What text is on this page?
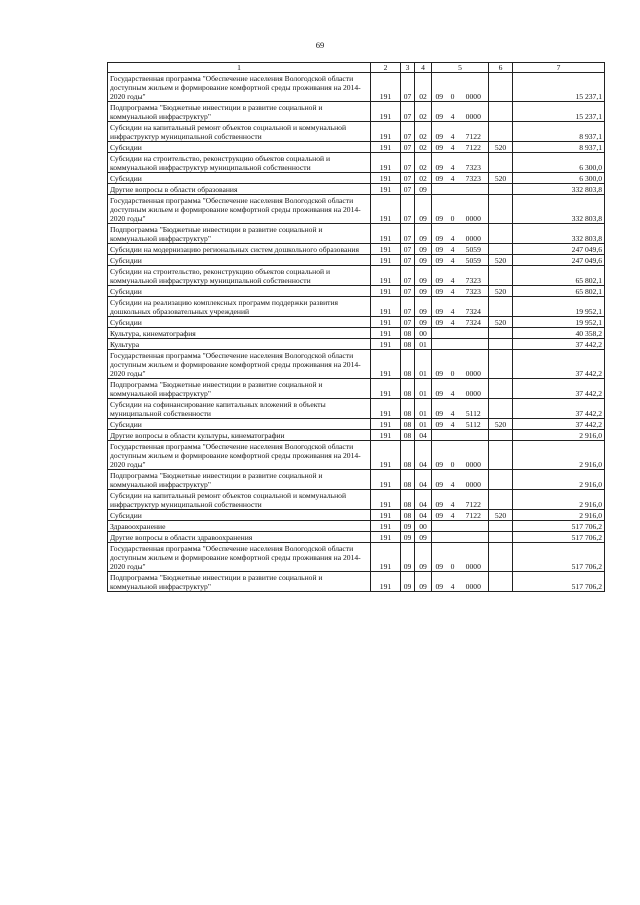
69
1	2	3	4	5			6	7
Государственная программа "Обеспечение населения Вологодской области доступным жильем и формирование комфортной среды проживания на 2014-2020 годы"	191	07	02	09	0	0000		15 237,1
Подпрограмма "Бюджетные инвестиции в развитие социальной и коммунальной инфраструктур"	191	07	02	09	4	0000		15 237,1
Субсидии на капитальный ремонт объектов социальной и коммунальной инфраструктур муниципальной собственности	191	07	02	09	4	7122		8 937,1
Субсидии	191	07	02	09	4	7122	520	8 937,1
Субсидии на строительство, реконструкцию объектов социальной и коммунальной инфраструктур муниципальной собственности	191	07	02	09	4	7323		6 300,0
Субсидии	191	07	02	09	4	7323	520	6 300,0
Другие вопросы в области образования	191	07	09					332 803,8
Государственная программа "Обеспечение населения Вологодской области доступным жильем и формирование комфортной среды проживания на 2014-2020 годы"	191	07	09	09	0	0000		332 803,8
Подпрограмма "Бюджетные инвестиции в развитие социальной и коммунальной инфраструктур"	191	07	09	09	4	0000		332 803,8
Субсидии на модернизацию региональных систем дошкольного образования	191	07	09	09	4	5059		247 049,6
Субсидии	191	07	09	09	4	5059	520	247 049,6
Субсидии на строительство, реконструкцию объектов социальной и коммунальной инфраструктур муниципальной собственности	191	07	09	09	4	7323		65 802,1
Субсидии	191	07	09	09	4	7323	520	65 802,1
Субсидии на реализацию комплексных программ поддержки развития дошкольных образовательных учреждений	191	07	09	09	4	7324		19 952,1
Субсидии	191	07	09	09	4	7324	520	19 952,1
Культура, кинематография	191	08	00					40 358,2
Культура	191	08	01					37 442,2
Государственная программа "Обеспечение населения Вологодской области доступным жильем и формирование комфортной среды проживания на 2014-2020 годы"	191	08	01	09	0	0000		37 442,2
Подпрограмма "Бюджетные инвестиции в развитие социальной и коммунальной инфраструктур"	191	08	01	09	4	0000		37 442,2
Субсидии на софинансирование капитальных вложений в объекты муниципальной собственности	191	08	01	09	4	5112		37 442,2
Субсидии	191	08	01	09	4	5112	520	37 442,2
Другие вопросы в области культуры, кинематографии	191	08	04					2 916,0
Государственная программа "Обеспечение населения Вологодской области доступным жильем и формирование комфортной среды проживания на 2014-2020 годы"	191	08	04	09	0	0000		2 916,0
Подпрограмма "Бюджетные инвестиции в развитие социальной и коммунальной инфраструктур"	191	08	04	09	4	0000		2 916,0
Субсидии на капитальный ремонт объектов социальной и коммунальной инфраструктур муниципальной собственности	191	08	04	09	4	7122		2 916,0
Субсидии	191	08	04	09	4	7122	520	2 916,0
Здравоохранение	191	09	00					517 706,2
Другие вопросы в области здравоохранения	191	09	09					517 706,2
Государственная программа "Обеспечение населения Вологодской области доступным жильем и формирование комфортной среды проживания на 2014-2020 годы"	191	09	09	09	0	0000		517 706,2
Подпрограмма "Бюджетные инвестиции в развитие социальной и коммунальной инфраструктур"	191	09	09	09	4	0000		517 706,2
